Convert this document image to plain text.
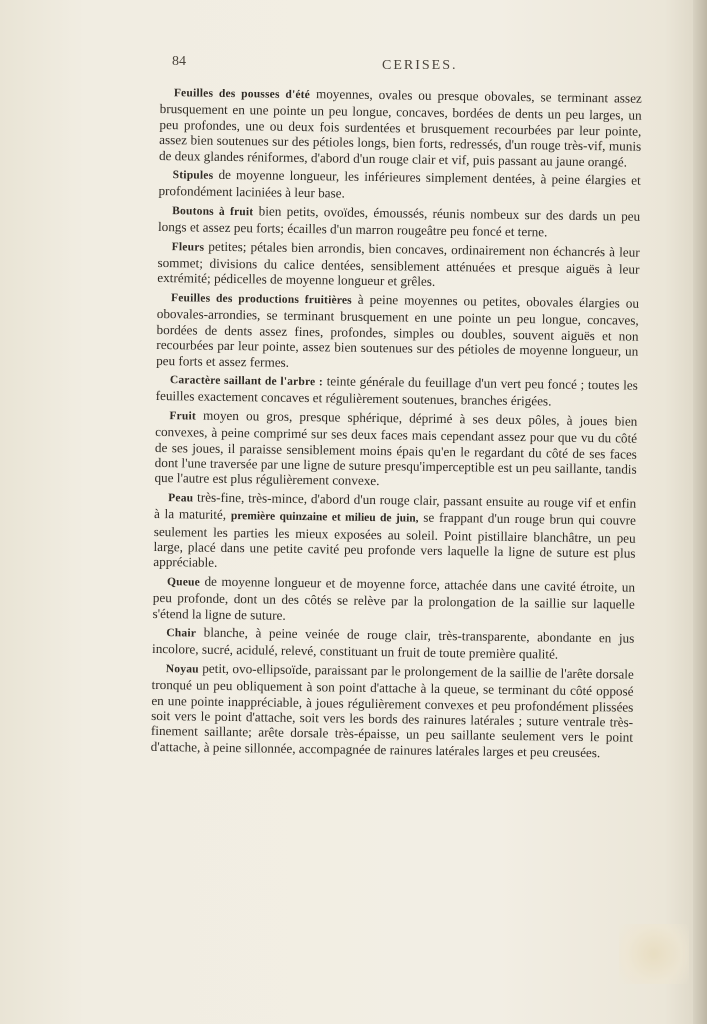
84	CERISES.

Feuilles des pousses d'été moyennes, ovales ou presque obovales, se terminant assez brusquement en une pointe un peu longue, concaves, bordées de dents un peu larges, un peu profondes, une ou deux fois surdentées et brusquement recourbées par leur pointe, assez bien soutenues sur des pétioles longs, bien forts, redressés, d'un rouge très-vif, munis de deux glandes réniformes, d'abord d'un rouge clair et vif, puis passant au jaune orangé.

Stipules de moyenne longueur, les inférieures simplement dentées, à peine élargies et profondément laciniées à leur base.

Boutons à fruit bien petits, ovoïdes, émoussés, réunis nombeux sur des dards un peu longs et assez peu forts; écailles d'un marron rougeâtre peu foncé et terne.

Fleurs petites; pétales bien arrondis, bien concaves, ordinairement non échancrés à leur sommet; divisions du calice dentées, sensiblement atténuées et presque aiguës à leur extrémité; pédicelles de moyenne longueur et grêles.

Feuilles des productions fruitières à peine moyennes ou petites, obovales élargies ou obovales-arrondies, se terminant brusquement en une pointe un peu longue, concaves, bordées de dents assez fines, profondes, simples ou doubles, souvent aiguës et non recourbées par leur pointe, assez bien soutenues sur des pétioles de moyenne longueur, un peu forts et assez fermes.

Caractère saillant de l'arbre : teinte générale du feuillage d'un vert peu foncé ; toutes les feuilles exactement concaves et régulièrement soutenues, branches érigées.

Fruit moyen ou gros, presque sphérique, déprimé à ses deux pôles, à joues bien convexes, à peine comprimé sur ses deux faces mais cependant assez pour que vu du côté de ses joues, il paraisse sensiblement moins épais qu'en le regardant du côté de ses faces dont l'une traversée par une ligne de suture presqu'imperceptible est un peu saillante, tandis que l'autre est plus régulièrement convexe.

Peau très-fine, très-mince, d'abord d'un rouge clair, passant ensuite au rouge vif et enfin à la maturité, première quinzaine et milieu de juin, se frappant d'un rouge brun qui couvre seulement les parties les mieux exposées au soleil. Point pistillaire blanchâtre, un peu large, placé dans une petite cavité peu profonde vers laquelle la ligne de suture est plus appréciable.

Queue de moyenne longueur et de moyenne force, attachée dans une cavité étroite, un peu profonde, dont un des côtés se relève par la prolongation de la saillie sur laquelle s'étend la ligne de suture.

Chair blanche, à peine veinée de rouge clair, très-transparente, abondante en jus incolore, sucré, acidulé, relevé, constituant un fruit de toute première qualité.

Noyau petit, ovo-ellipsoïde, paraissant par le prolongement de la saillie de l'arête dorsale tronqué un peu obliquement à son point d'attache à la queue, se terminant du côté opposé en une pointe inappréciable, à joues régulièrement convexes et peu profondément plissées soit vers le point d'attache, soit vers les bords des rainures latérales ; suture ventrale très-finement saillante; arête dorsale très-épaisse, un peu saillante seulement vers le point d'attache, à peine sillonnée, accompagnée de rainures latérales larges et peu creusées.
